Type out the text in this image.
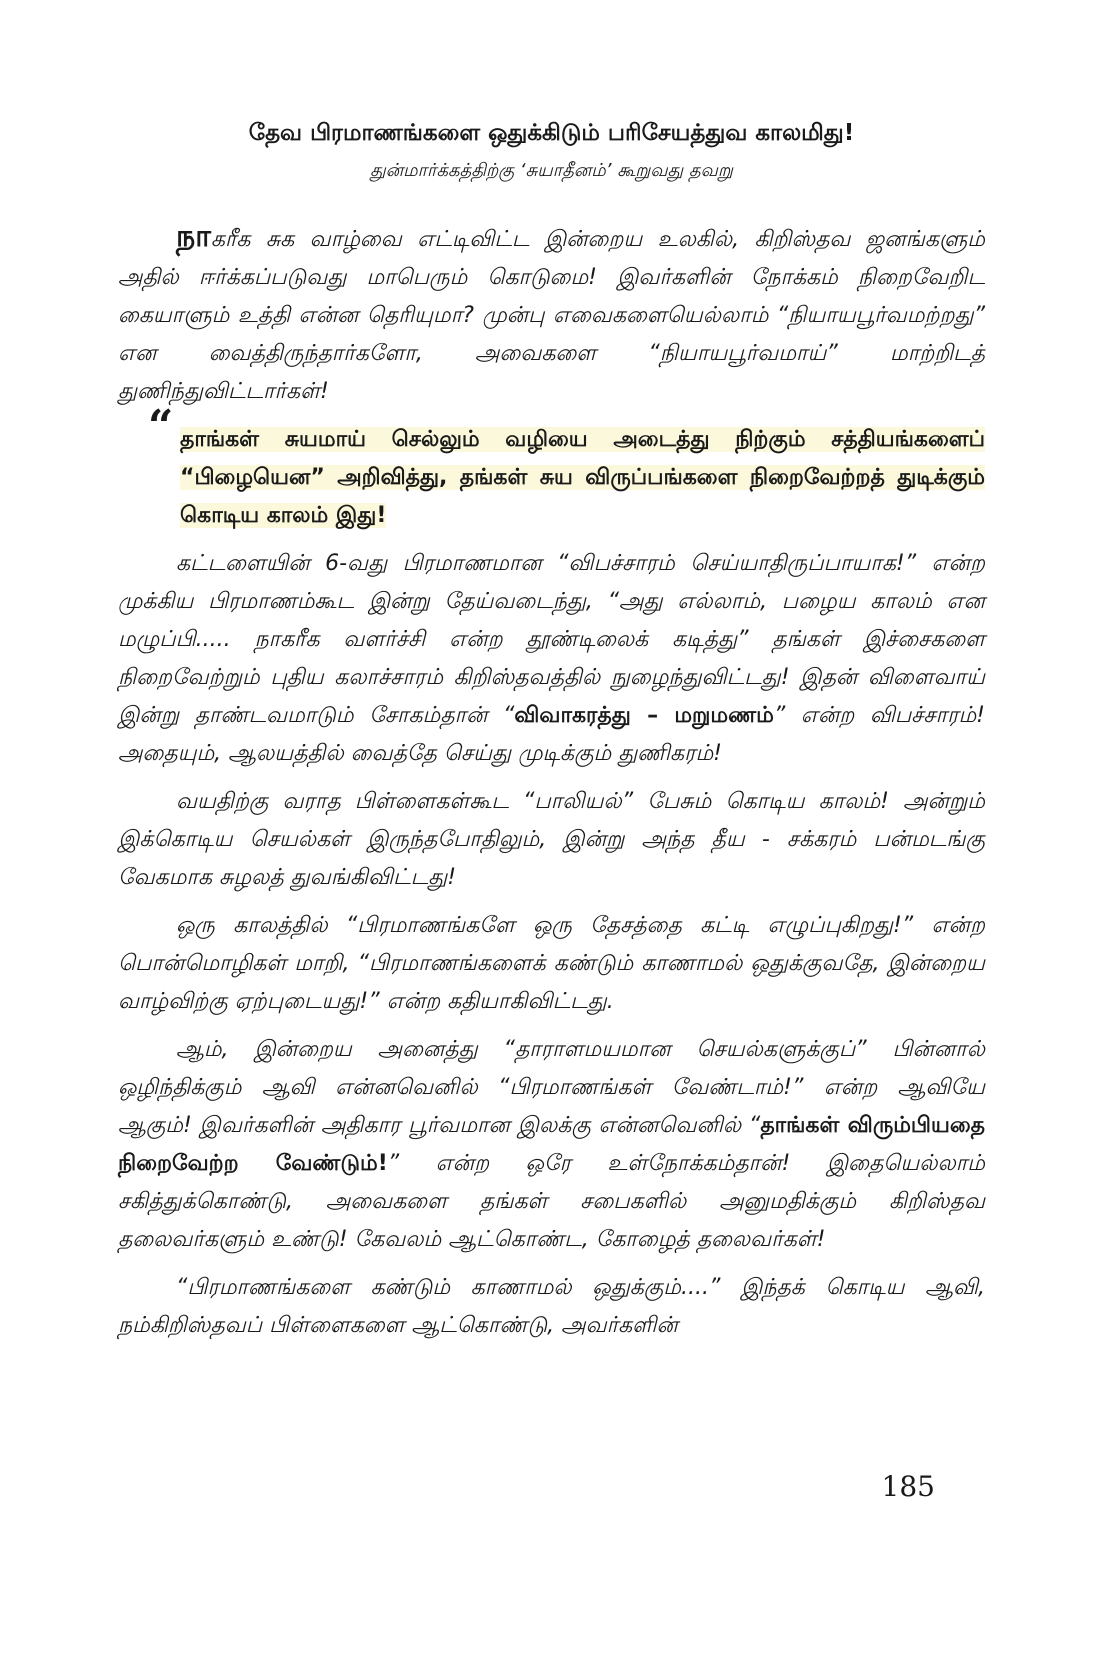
தேவ பிரமாணங்களை ஒதுக்கிடும் பரிசேயத்துவ காலமிது!
துன்மார்க்கத்திற்கு ‘சுயாதீனம்’ கூறுவது தவறு

நாகரீக சுக வாழ்வை எட்டிவிட்ட இன்றைய உலகில், கிறிஸ்தவ ஜனங்களும் அதில் ஈர்க்கப்படுவது மாபெரும் கொடுமை! இவர்களின் நோக்கம் நிறைவேறிட கையாளும் உத்தி என்ன தெரியுமா? முன்பு எவைகளையெல்லாம் “நியாயபூர்வமற்றது” என வைத்திருந்தார்களோ, அவைகளை “நியாயபூர்வமாய்” மாற்றிடத் துணிந்துவிட்டார்கள்!

“ தாங்கள் சுயமாய் செல்லும் வழியை அடைத்து நிற்கும் சத்தியங்களைப் “பிழையென” அறிவித்து, தங்கள் சுய விருப்பங்களை நிறைவேற்றத் துடிக்கும் கொடிய காலம் இது!

கட்டளையின் 6-வது பிரமாணமான “விபச்சாரம் செய்யாதிருப்பாயாக!” என்ற முக்கிய பிரமாணம்கூட இன்று தேய்வடைந்து, “அது எல்லாம், பழைய காலம் என மழுப்பி..... நாகரீக வளர்ச்சி என்ற தூண்டிலைக் கடித்து” தங்கள் இச்சைகளை நிறைவேற்றும் புதிய கலாச்சாரம் கிறிஸ்தவத்தில் நுழைந்துவிட்டது! இதன் விளைவாய் இன்று தாண்டவமாடும் சோகம்தான் “விவாகரத்து – மறுமணம்” என்ற விபச்சாரம்! அதையும், ஆலயத்தில் வைத்தே செய்து முடிக்கும் துணிகரம்!

வயதிற்கு வராத பிள்ளைகள்கூட “பாலியல்” பேசும் கொடிய காலம்! அன்றும் இக்கொடிய செயல்கள் இருந்தபோதிலும், இன்று அந்த தீய - சக்கரம் பன்மடங்கு வேகமாக சுழலத் துவங்கிவிட்டது!

ஒரு காலத்தில் “பிரமாணங்களே ஒரு தேசத்தை கட்டி எழுப்புகிறது!” என்ற பொன்மொழிகள் மாறி, “பிரமாணங்களைக் கண்டும் காணாமல் ஒதுக்குவதே, இன்றைய வாழ்விற்கு ஏற்புடையது!” என்ற கதியாகிவிட்டது.

ஆம், இன்றைய அனைத்து “தாராளமயமான செயல்களுக்குப்” பின்னால் ஒழிந்திக்கும் ஆவி என்னவெனில் “பிரமாணங்கள் வேண்டாம்!” என்ற ஆவியே ஆகும்! இவர்களின் அதிகார பூர்வமான இலக்கு என்னவெனில் “தாங்கள் விரும்பியதை நிறைவேற்ற வேண்டும்!” என்ற ஒரே உள்நோக்கம்தான்! இதையெல்லாம் சகித்துக்கொண்டு, அவைகளை தங்கள் சபைகளில் அனுமதிக்கும் கிறிஸ்தவ தலைவர்களும் உண்டு! கேவலம் ஆட்கொண்ட, கோழைத் தலைவர்கள்!

“பிரமாணங்களை கண்டும் காணாமல் ஒதுக்கும்....” இந்தக் கொடிய ஆவி, நம்கிறிஸ்தவப் பிள்ளைகளை ஆட்கொண்டு, அவர்களின்

185
